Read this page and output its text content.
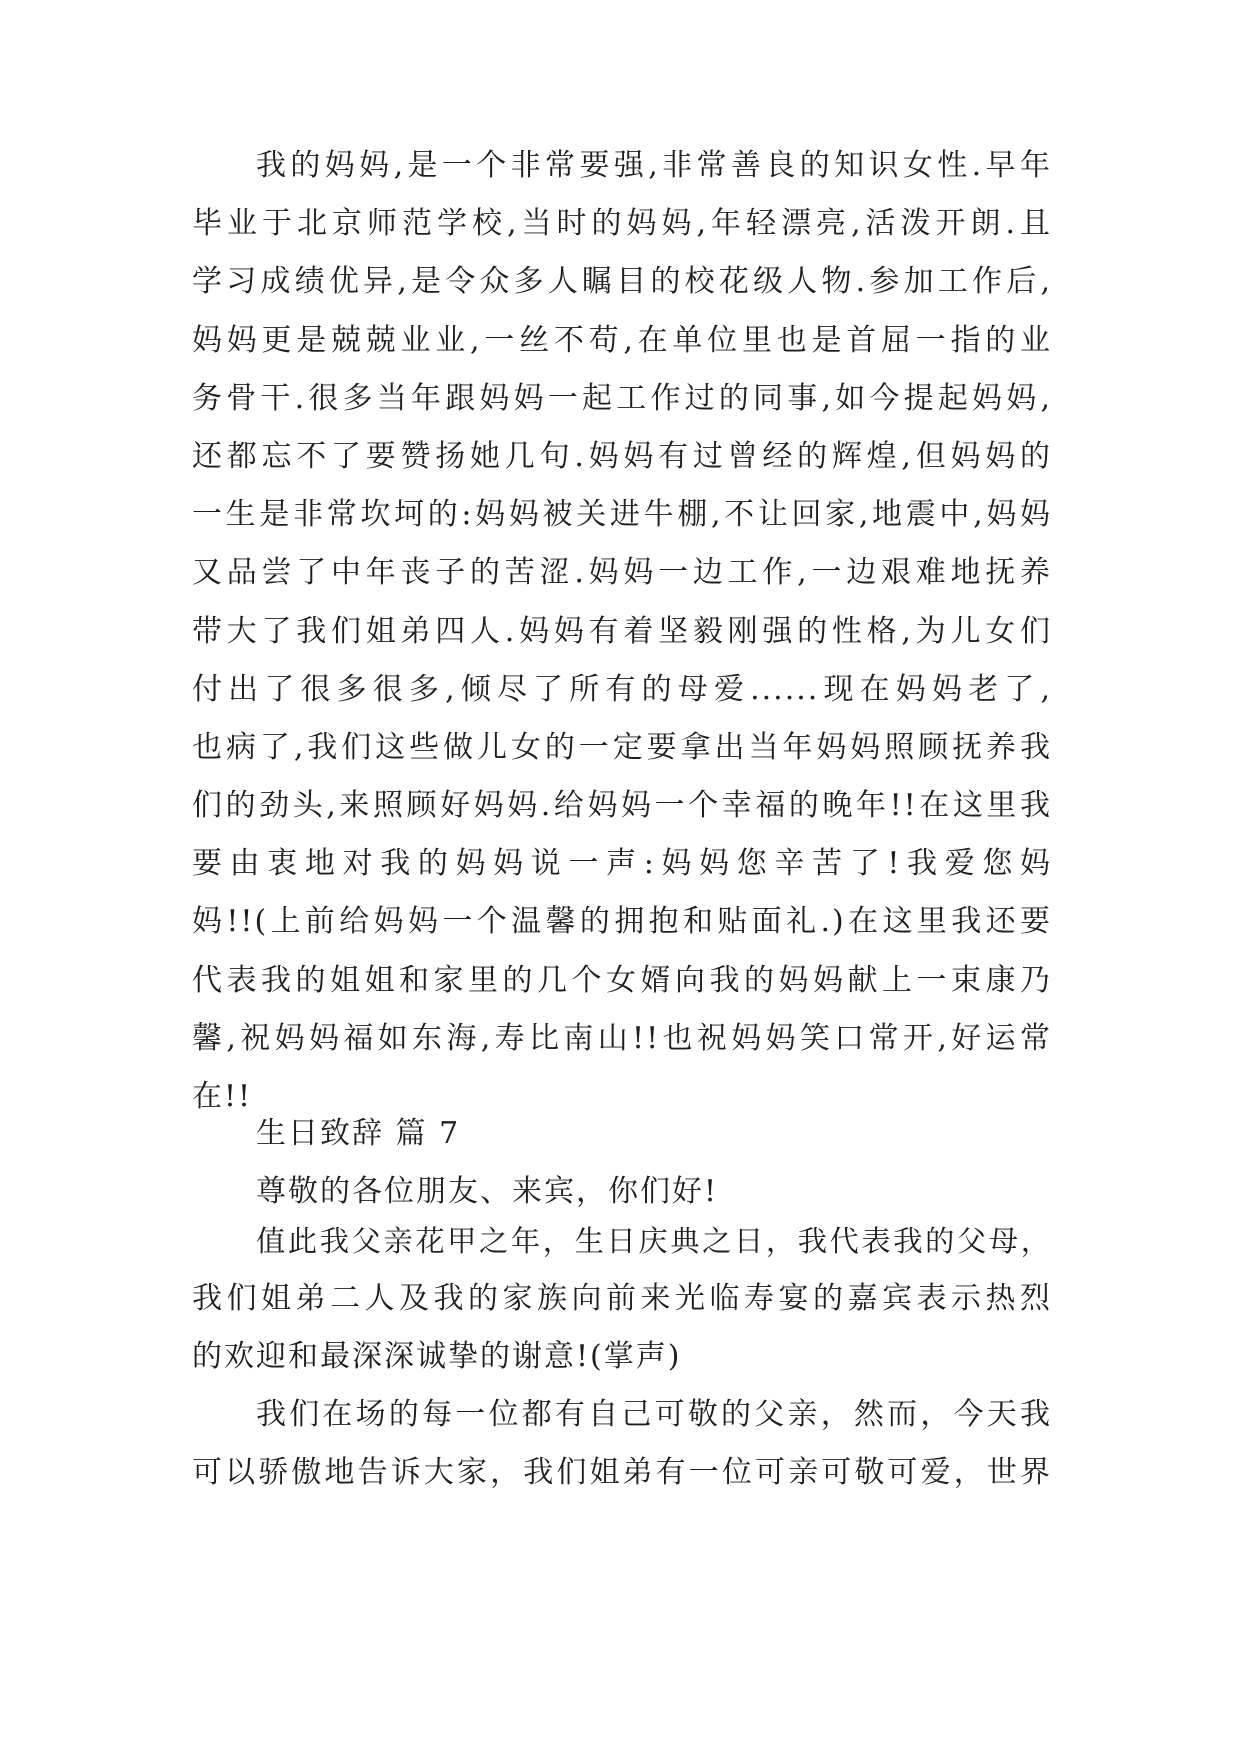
我的妈妈,是一个非常要强,非常善良的知识女性.早年
毕业于北京师范学校,当时的妈妈,年轻漂亮,活泼开朗.且
学习成绩优异,是令众多人瞩目的校花级人物.参加工作后,
妈妈更是兢兢业业,一丝不苟,在单位里也是首屈一指的业
务骨干.很多当年跟妈妈一起工作过的同事,如今提起妈妈,
还都忘不了要赞扬她几句.妈妈有过曾经的辉煌,但妈妈的
一生是非常坎坷的:妈妈被关进牛棚,不让回家,地震中,妈妈
又品尝了中年丧子的苦涩.妈妈一边工作,一边艰难地抚养
带大了我们姐弟四人.妈妈有着坚毅刚强的性格,为儿女们
付出了很多很多,倾尽了所有的母爱......现在妈妈老了,
也病了,我们这些做儿女的一定要拿出当年妈妈照顾抚养我
们的劲头,来照顾好妈妈.给妈妈一个幸福的晚年!!在这里我
要由衷地对我的妈妈说一声:妈妈您辛苦了!我爱您妈
妈!!(上前给妈妈一个温馨的拥抱和贴面礼.)在这里我还要
代表我的姐姐和家里的几个女婿向我的妈妈献上一束康乃
馨,祝妈妈福如东海,寿比南山!!也祝妈妈笑口常开,好运常
在!!
生日致辞 篇 7
尊敬的各位朋友、来宾，你们好!
值此我父亲花甲之年，生日庆典之日，我代表我的父母，
我们姐弟二人及我的家族向前来光临寿宴的嘉宾表示热烈
的欢迎和最深深诚挚的谢意!(掌声)
我们在场的每一位都有自己可敬的父亲，然而，今天我
可以骄傲地告诉大家，我们姐弟有一位可亲可敬可爱，世界
